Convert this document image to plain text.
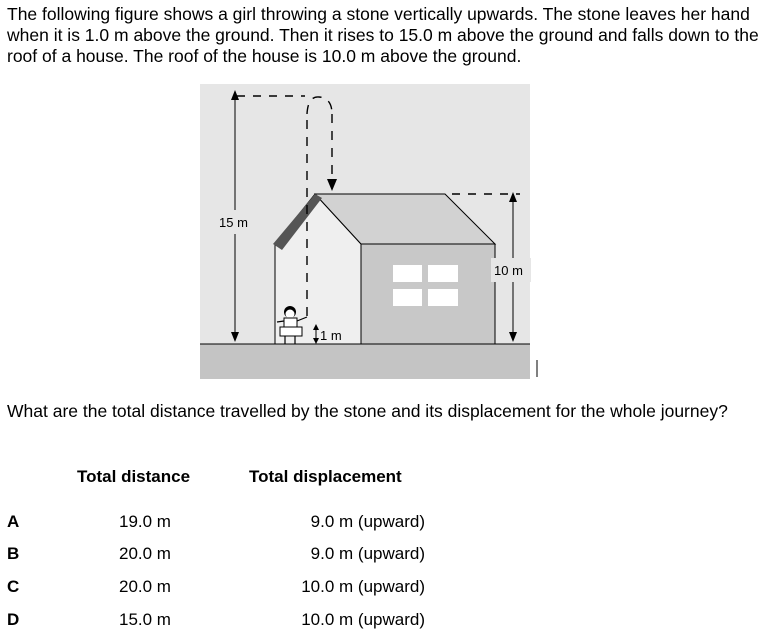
The following figure shows a girl throwing a stone vertically upwards. The stone leaves her hand when it is 1.0 m above the ground. Then it rises to 15.0 m above the ground and falls down to the roof of a house. The roof of the house is 10.0 m above the ground.

15 m
10 m
1 m

What are the total distance travelled by the stone and its displacement for the whole journey?

Total distance	Total displacement
A	19.0 m	9.0 m (upward)
B	20.0 m	9.0 m (upward)
C	20.0 m	10.0 m (upward)
D	15.0 m	10.0 m (upward)
